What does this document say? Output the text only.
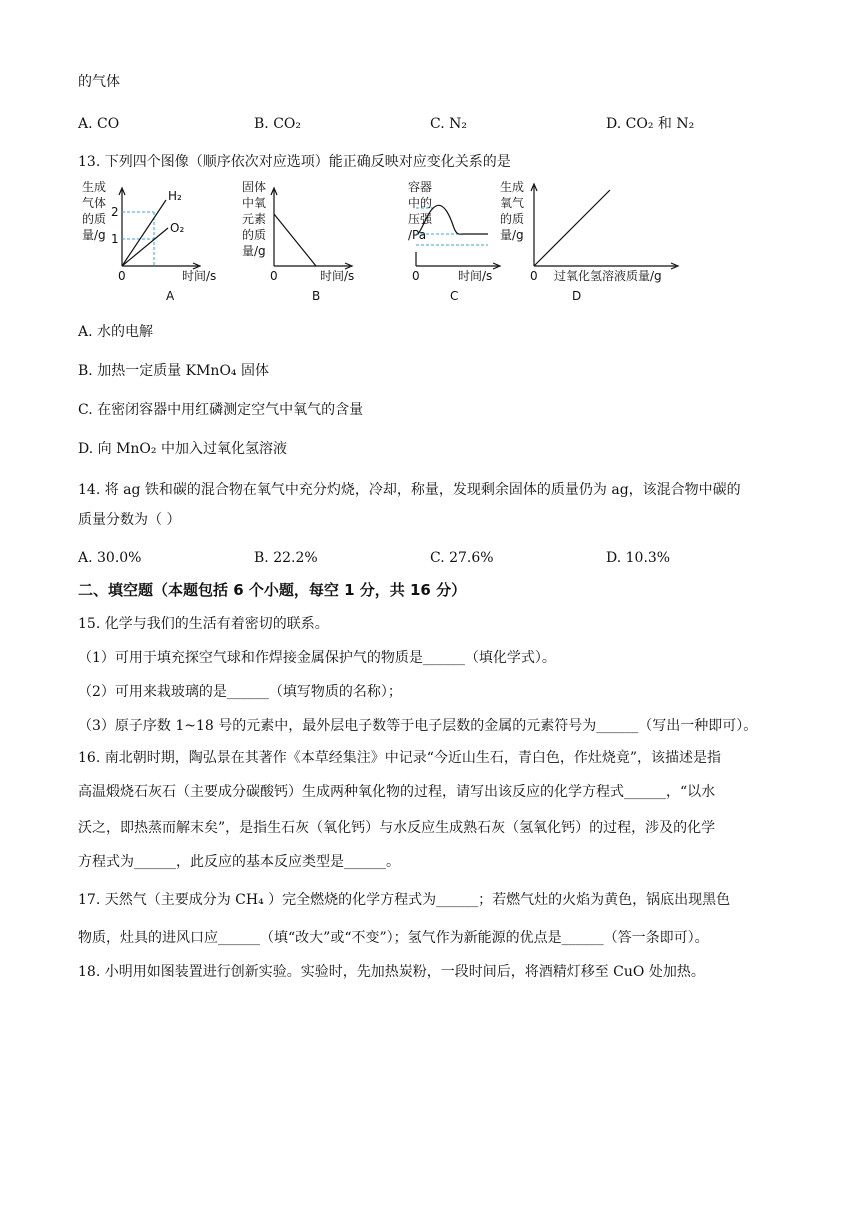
的气体
A. CO	B. CO₂	C. N₂	D. CO₂ 和 N₂
13. 下列四个图像（顺序依次对应选项）能正确反映对应变化关系的是
生成
气体
的质
量/g
2
1
H₂
O₂
0	时间/s
A
固体
中氧
元素
的质
量/g
0	时间/s
B
容器
中的
压强
/Pa
0	时间/s
C
生成
氧气
的质
量/g
0 过氧化氢溶液质量/g
D
A. 水的电解
B. 加热一定质量 KMnO₄ 固体
C. 在密闭容器中用红磷测定空气中氧气的含量
D. 向 MnO₂ 中加入过氧化氢溶液
14. 将 ag 铁和碳的混合物在氧气中充分灼烧，冷却，称量，发现剩余固体的质量仍为 ag，该混合物中碳的
质量分数为（ ）
A. 30.0%	B. 22.2%	C. 27.6%	D. 10.3%
二、填空题（本题包括 6 个小题，每空 1 分，共 16 分）
15. 化学与我们的生活有着密切的联系。
（1）可用于填充探空气球和作焊接金属保护气的物质是______（填化学式）。
（2）可用来栽玻璃的是______（填写物质的名称）；
（3）原子序数 1~18 号的元素中，最外层电子数等于电子层数的金属的元素符号为______（写出一种即可）。
16. 南北朝时期，陶弘景在其著作《本草经集注》中记录“今近山生石，青白色，作灶烧竟”，该描述是指
高温煅烧石灰石（主要成分碳酸钙）生成两种氧化物的过程，请写出该反应的化学方程式______，“以水
沃之，即热蒸而解末矣”，是指生石灰（氧化钙）与水反应生成熟石灰（氢氧化钙）的过程，涉及的化学
方程式为______，此反应的基本反应类型是______。
17. 天然气（主要成分为 CH₄ ）完全燃烧的化学方程式为______；若燃气灶的火焰为黄色，锅底出现黑色
物质，灶具的进风口应______（填“改大”或“不变”）；氢气作为新能源的优点是______（答一条即可）。
18. 小明用如图装置进行创新实验。实验时，先加热炭粉，一段时间后，将酒精灯移至 CuO 处加热。
